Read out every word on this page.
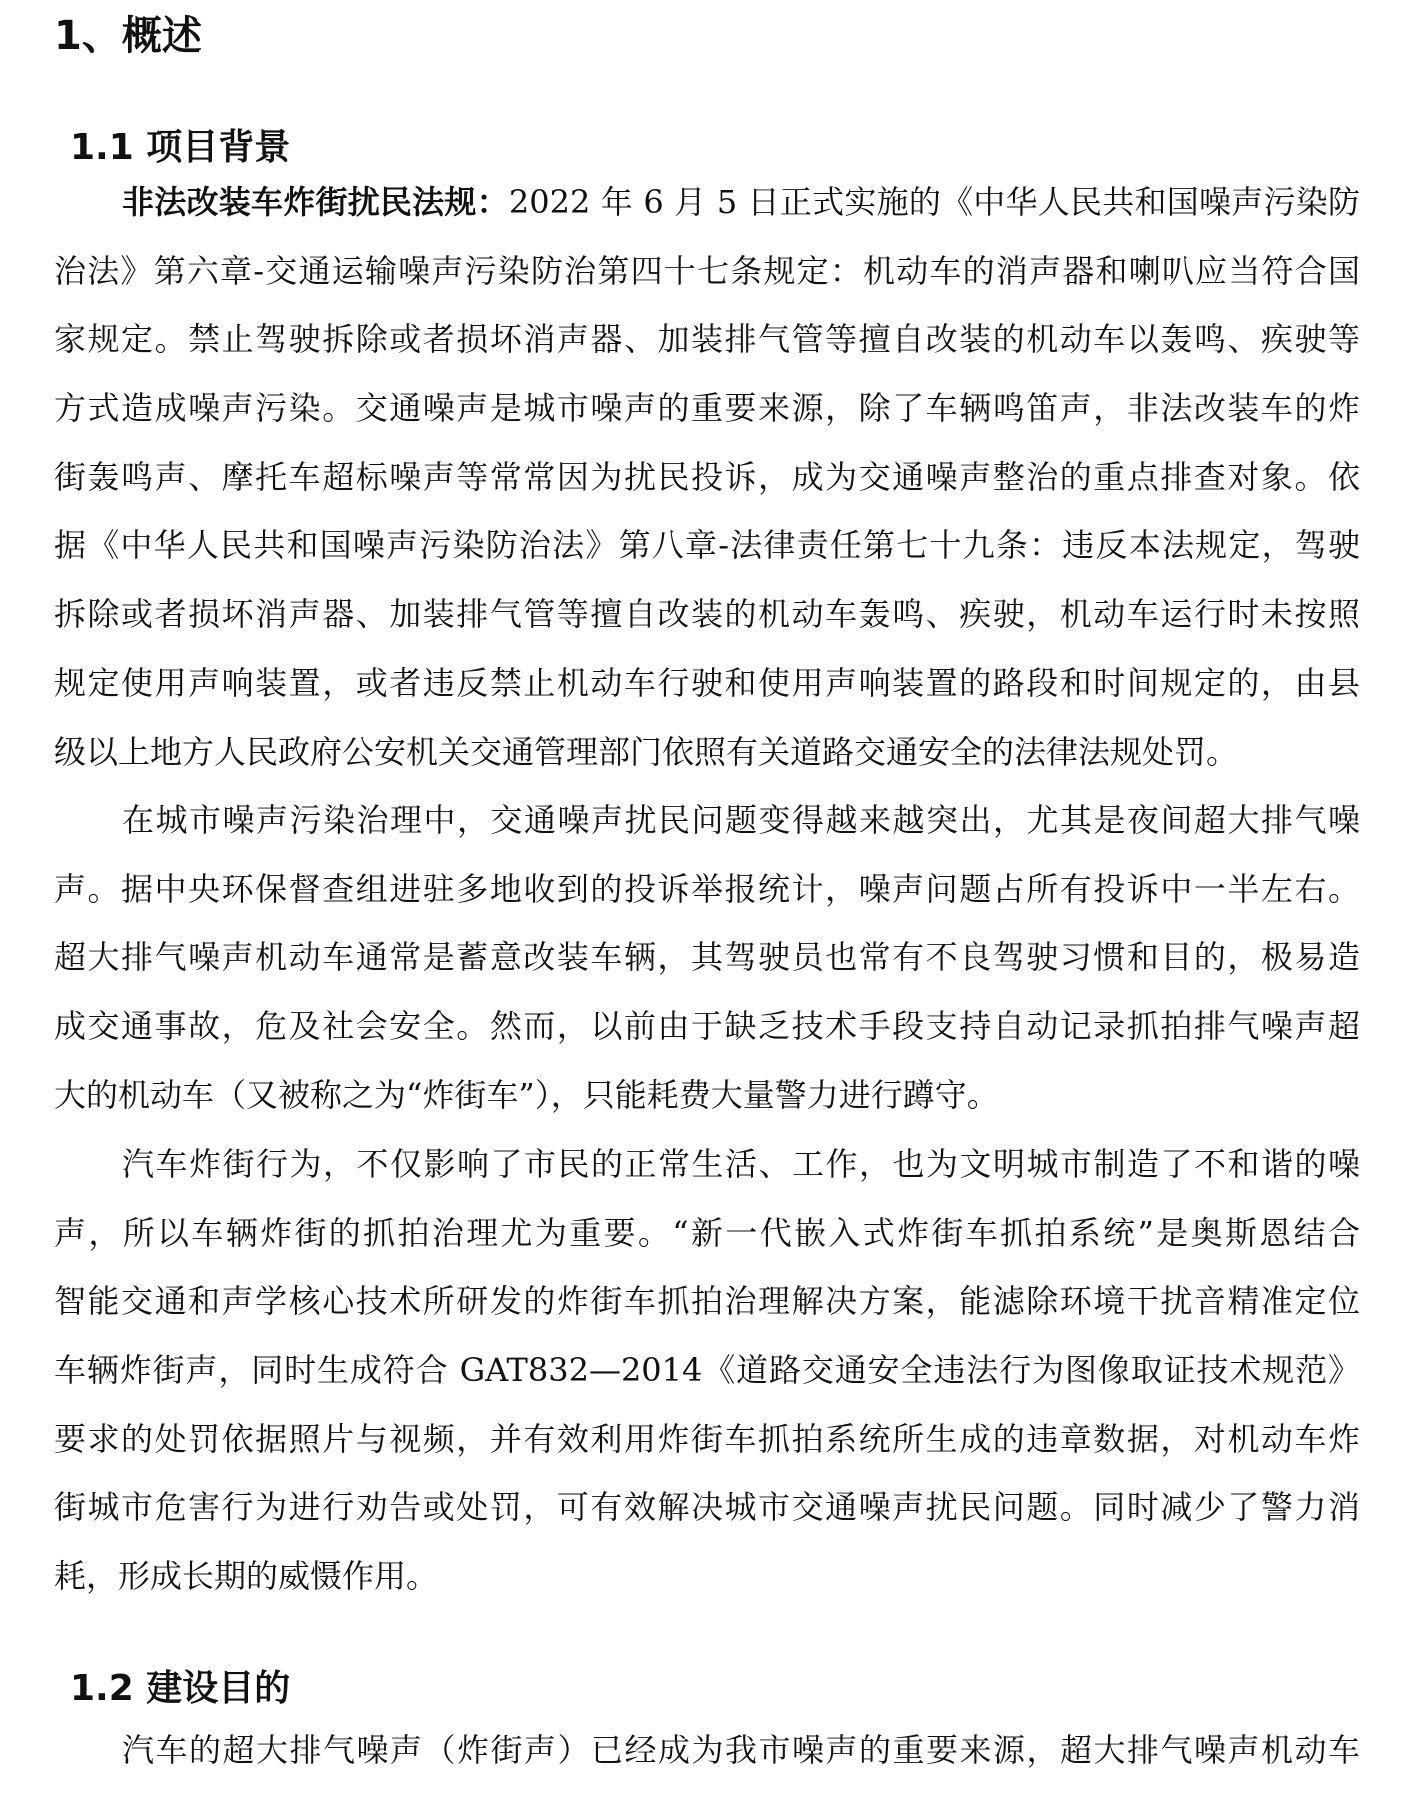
1、概述
1.1 项目背景
非法改装车炸街扰民法规：2022 年 6 月 5 日正式实施的《中华人民共和国噪声污染防
治法》第六章-交通运输噪声污染防治第四十七条规定：机动车的消声器和喇叭应当符合国
家规定。禁止驾驶拆除或者损坏消声器、加装排气管等擅自改装的机动车以轰鸣、疾驶等
方式造成噪声污染。交通噪声是城市噪声的重要来源，除了车辆鸣笛声，非法改装车的炸
街轰鸣声、摩托车超标噪声等常常因为扰民投诉，成为交通噪声整治的重点排查对象。依
据《中华人民共和国噪声污染防治法》第八章-法律责任第七十九条：违反本法规定，驾驶
拆除或者损坏消声器、加装排气管等擅自改装的机动车轰鸣、疾驶，机动车运行时未按照
规定使用声响装置，或者违反禁止机动车行驶和使用声响装置的路段和时间规定的，由县
级以上地方人民政府公安机关交通管理部门依照有关道路交通安全的法律法规处罚。
在城市噪声污染治理中，交通噪声扰民问题变得越来越突出，尤其是夜间超大排气噪
声。据中央环保督查组进驻多地收到的投诉举报统计，噪声问题占所有投诉中一半左右。
超大排气噪声机动车通常是蓄意改装车辆，其驾驶员也常有不良驾驶习惯和目的，极易造
成交通事故，危及社会安全。然而，以前由于缺乏技术手段支持自动记录抓拍排气噪声超
大的机动车（又被称之为“炸街车”），只能耗费大量警力进行蹲守。
汽车炸街行为，不仅影响了市民的正常生活、工作，也为文明城市制造了不和谐的噪
声，所以车辆炸街的抓拍治理尤为重要。“新一代嵌入式炸街车抓拍系统”是奥斯恩结合
智能交通和声学核心技术所研发的炸街车抓拍治理解决方案，能滤除环境干扰音精准定位
车辆炸街声，同时生成符合 GAT832—2014《道路交通安全违法行为图像取证技术规范》
要求的处罚依据照片与视频，并有效利用炸街车抓拍系统所生成的违章数据，对机动车炸
街城市危害行为进行劝告或处罚，可有效解决城市交通噪声扰民问题。同时减少了警力消
耗，形成长期的威慑作用。
1.2 建设目的
汽车的超大排气噪声（炸街声）已经成为我市噪声的重要来源，超大排气噪声机动车
